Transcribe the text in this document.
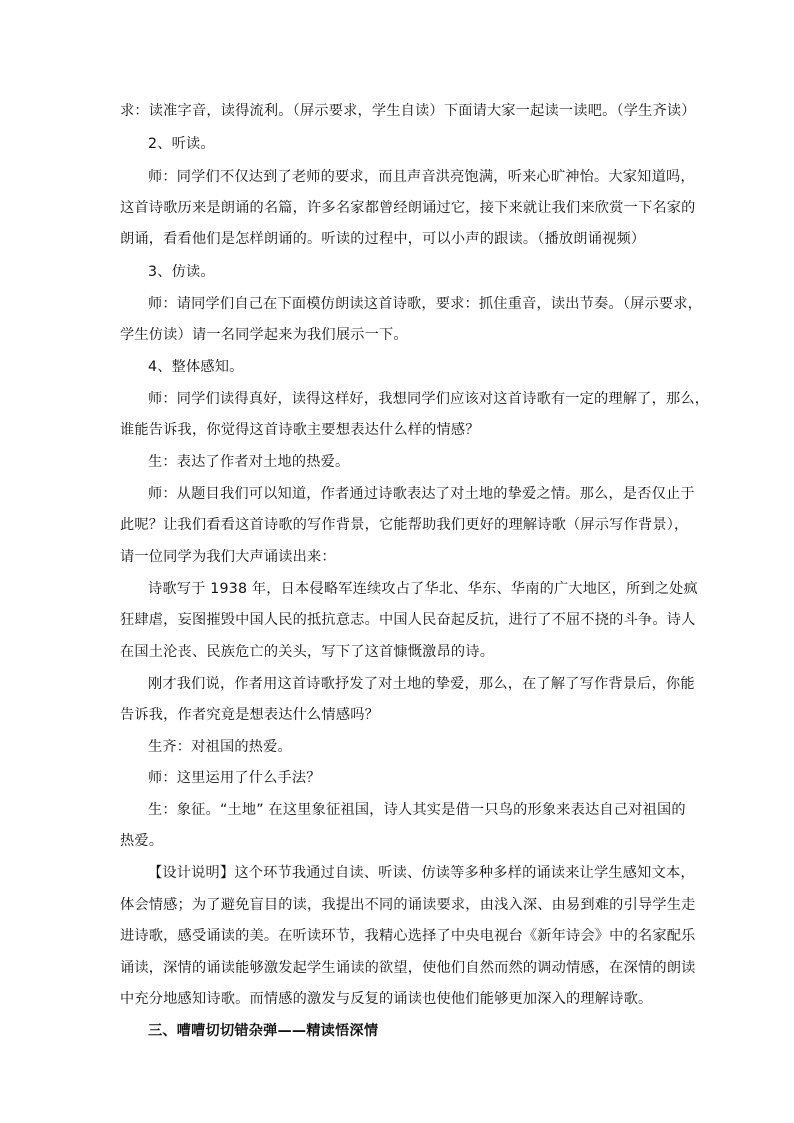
求：读准字音，读得流利。（屏示要求，学生自读）下面请大家一起读一读吧。（学生齐读）

2、听读。

师：同学们不仅达到了老师的要求，而且声音洪亮饱满，听来心旷神怡。大家知道吗，

这首诗歌历来是朗诵的名篇，许多名家都曾经朗诵过它，接下来就让我们来欣赏一下名家的

朗诵，看看他们是怎样朗诵的。听读的过程中，可以小声的跟读。（播放朗诵视频）

3、仿读。

师：请同学们自己在下面模仿朗读这首诗歌，要求：抓住重音，读出节奏。（屏示要求，

学生仿读）请一名同学起来为我们展示一下。

4、整体感知。

师：同学们读得真好，读得这样好，我想同学们应该对这首诗歌有一定的理解了，那么，

谁能告诉我，你觉得这首诗歌主要想表达什么样的情感？

生：表达了作者对土地的热爱。

师：从题目我们可以知道，作者通过诗歌表达了对土地的挚爱之情。那么，是否仅止于

此呢？让我们看看这首诗歌的写作背景，它能帮助我们更好的理解诗歌（屏示写作背景），

请一位同学为我们大声诵读出来：

诗歌写于 1938 年，日本侵略军连续攻占了华北、华东、华南的广大地区，所到之处疯

狂肆虐，妄图摧毁中国人民的抵抗意志。中国人民奋起反抗，进行了不屈不挠的斗争。诗人

在国土沦丧、民族危亡的关头，写下了这首慷慨激昂的诗。

刚才我们说，作者用这首诗歌抒发了对土地的挚爱，那么，在了解了写作背景后，你能

告诉我，作者究竟是想表达什么情感吗？

生齐：对祖国的热爱。

师：这里运用了什么手法？

生：象征。“土地” 在这里象征祖国，诗人其实是借一只鸟的形象来表达自己对祖国的

热爱。

【设计说明】这个环节我通过自读、听读、仿读等多种多样的诵读来让学生感知文本，

体会情感；为了避免盲目的读，我提出不同的诵读要求，由浅入深、由易到难的引导学生走

进诗歌，感受诵读的美。在听读环节，我精心选择了中央电视台《新年诗会》中的名家配乐

诵读，深情的诵读能够激发起学生诵读的欲望，使他们自然而然的调动情感，在深情的朗读

中充分地感知诗歌。而情感的激发与反复的诵读也使他们能够更加深入的理解诗歌。

三、嘈嘈切切错杂弹——精读悟深情
